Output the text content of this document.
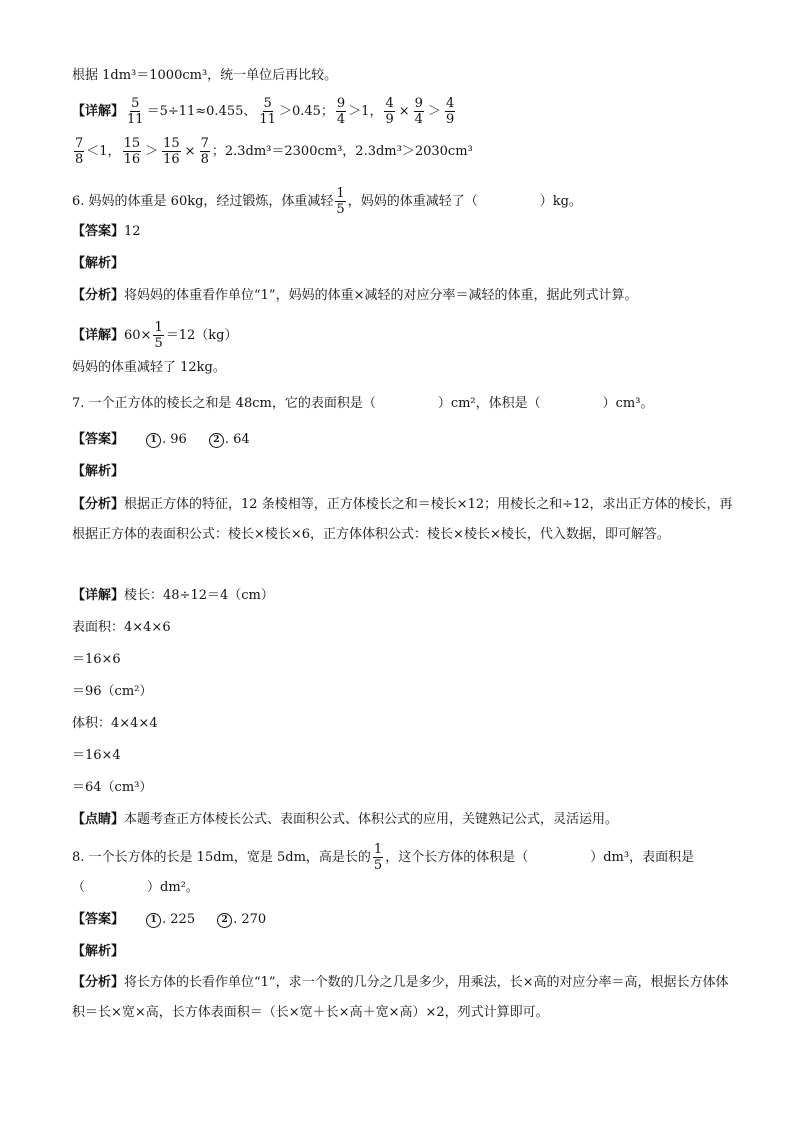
根据 1dm³＝1000cm³，统一单位后再比较。
【详解】 $\frac{5}{11} =5\div 11\approx 0.455$、 $\frac{5}{11} >0.45$； $\frac{9}{4} >1$， $\frac{4}{9} \times \frac{9}{4} > \frac{4}{9}$
$\frac{7}{8} <1$， $\frac{15}{16} > \frac{15}{16} \times \frac{7}{8}$ ；2.3dm³＝2300cm³，2.3dm³＞2030cm³
6. 妈妈的体重是 60kg，经过锻炼，体重减轻 $\frac{1}{5}$ ，妈妈的体重减轻了（	）kg。
【答案】 12
【解析】
【分析】 将妈妈的体重看作单位“1”，妈妈的体重×减轻的对应分率＝减轻的体重，据此列式计算。
【详解】 $60\times \frac{1}{5} =12(kg)$
妈妈的体重减轻了 12kg。
7. 一个正方体的棱长之和是 48cm，它的表面积是（	）cm²，体积是（	）cm³。
【答案】	1 . 96	2 . 64
【解析】
【分析】根据正方体的特征，12 条棱相等，正方体棱长之和＝棱长×12；用棱长之和÷12，求出正方体的棱长，再根据正方体的表面积公式：棱长×棱长×6，正方体体积公式：棱长×棱长×棱长，代入数据，即可解答。
【详解】 棱长：48÷12＝4（cm）
表面积：4×4×6
＝16×6
＝96（cm²）
体积：4×4×4
＝16×4
＝64（cm³）
【点睛】 本题考查正方体棱长公式、表面积公式、体积公式的应用，关键熟记公式，灵活运用。
8. 一个长方体的长是 15dm，宽是 5dm，高是长的 $\frac{1}{5}$ ，这个长方体的体积是（	）dm³，表面积是
（	）dm²。
【答案】	1 . 225	2 . 270
【解析】
【分析】将长方体的长看作单位“1”，求一个数的几分之几是多少，用乘法，长×高的对应分率＝高，根据长方体体积＝长×宽×高，长方体表面积＝（长×宽＋长×高＋宽×高）×2，列式计算即可。
